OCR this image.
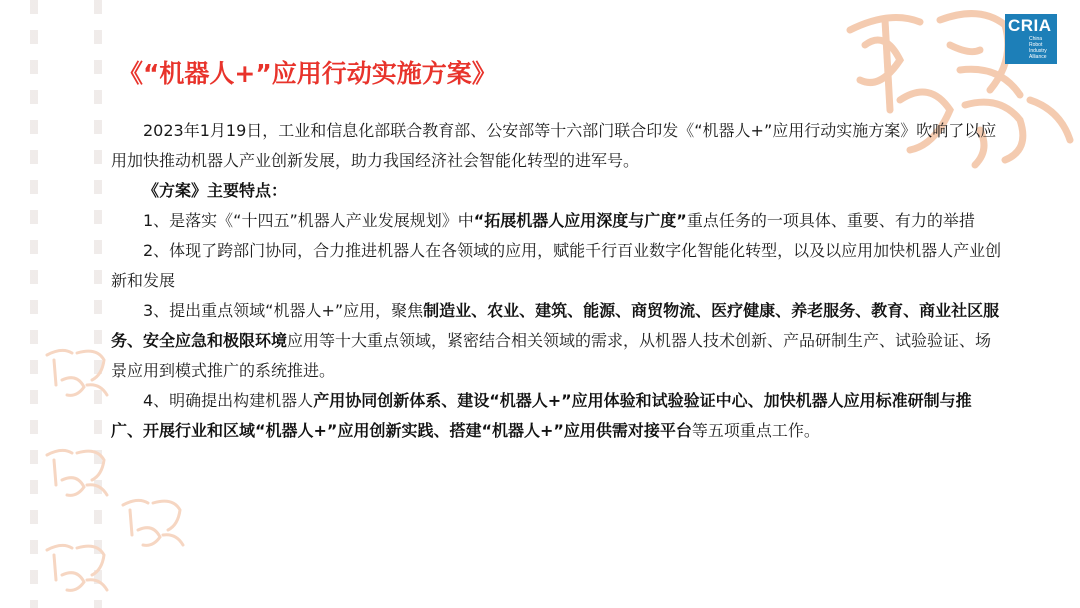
CRIA
China
Robot
Industry
Alliance
《“机器人+”应用行动实施方案》

2023年1月19日，工业和信息化部联合教育部、公安部等十六部门联合印发《“机器人+”应用行动实施方案》吹响了以应用加快推动机器人产业创新发展，助力我国经济社会智能化转型的进军号。

《方案》主要特点：

1、是落实《“十四五”机器人产业发展规划》中“拓展机器人应用深度与广度”重点任务的一项具体、重要、有力的举措

2、体现了跨部门协同，合力推进机器人在各领域的应用，赋能千行百业数字化智能化转型，以及以应用加快机器人产业创新和发展

3、提出重点领域“机器人+”应用，聚焦制造业、农业、建筑、能源、商贸物流、医疗健康、养老服务、教育、商业社区服务、安全应急和极限环境应用等十大重点领域，紧密结合相关领域的需求，从机器人技术创新、产品研制生产、试验验证、场景应用到模式推广的系统推进。

4、明确提出构建机器人产用协同创新体系、建设“机器人+”应用体验和试验验证中心、加快机器人应用标准研制与推广、开展行业和区域“机器人+”应用创新实践、搭建“机器人+”应用供需对接平台等五项重点工作。
